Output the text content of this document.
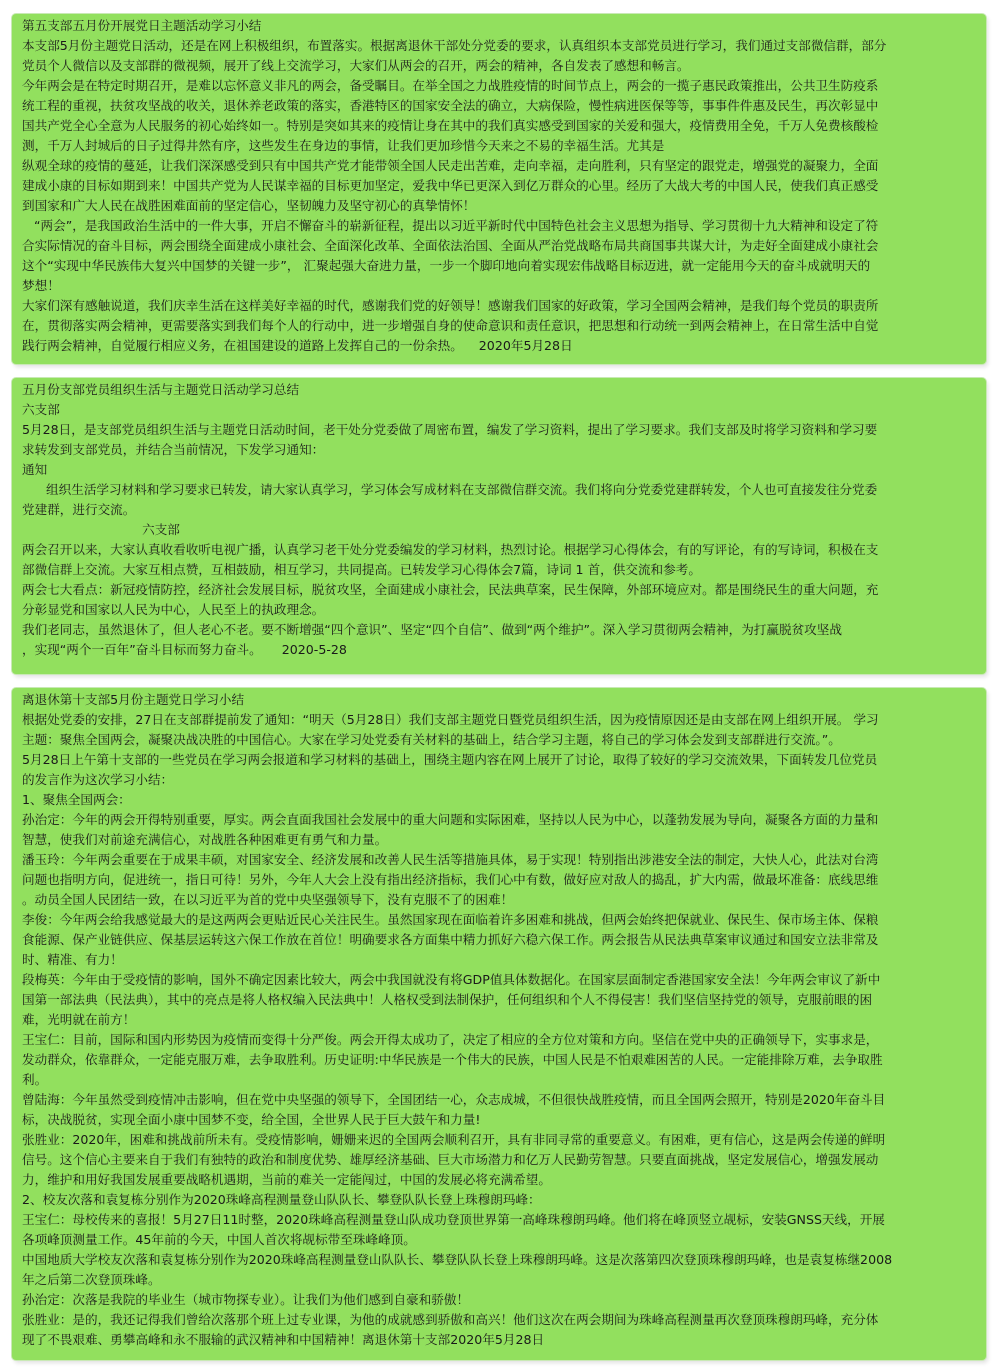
第五支部五月份开展党日主题活动学习小结
本支部5月份主题党日活动，还是在网上积极组织，布置落实。根据离退休干部处分党委的要求，认真组织本支部党员进行学习，我们通过支部微信群，部分
党员个人微信以及支部群的微视频，展开了线上交流学习，大家们从两会的召开，两会的精神，各自发表了感想和畅言。
今年两会是在特定时期召开，是难以忘怀意义非凡的两会，备受瞩目。在举全国之力战胜疫情的时间节点上，两会的一揽子惠民政策推出，公共卫生防疫系
统工程的重视，扶贫攻坚战的收关，退休养老政策的落实，香港特区的国家安全法的确立，大病保险，慢性病进医保等等，事事件件惠及民生，再次彰显中
国共产党全心全意为人民服务的初心始终如一。特别是突如其来的疫情让身在其中的我们真实感受到国家的关爱和强大，疫情费用全免，千万人免费核酸检
测，千万人封城后的日子过得井然有序，这些发生在身边的事情，让我们更加珍惜今天来之不易的幸福生活。尤其是
纵观全球的疫情的蔓延，让我们深深感受到只有中国共产党才能带领全国人民走出苦难，走向幸福，走向胜利，只有坚定的跟党走，增强党的凝聚力，全面
建成小康的目标如期到来！中国共产党为人民谋幸福的目标更加坚定，爱我中华已更深入到亿万群众的心里。经历了大战大考的中国人民，使我们真正感受
到国家和广大人民在战胜困难面前的坚定信心，坚韧魄力及坚守初心的真挚情怀！
“两会”，是我国政治生活中的一件大事，开启不懈奋斗的崭新征程，提出以习近平新时代中国特色社会主义思想为指导、学习贯彻十九大精神和设定了符
合实际情况的奋斗目标，两会围绕全面建成小康社会、全面深化改革、全面依法治国、全面从严治党战略布局共商国事共谋大计，为走好全面建成小康社会
这个“实现中华民族伟大复兴中国梦的关键一步”， 汇聚起强大奋进力量，一步一个脚印地向着实现宏伟战略目标迈进，就一定能用今天的奋斗成就明天的
梦想！
大家们深有感触说道，我们庆幸生活在这样美好幸福的时代，感谢我们党的好领导！感谢我们国家的好政策，学习全国两会精神，是我们每个党员的职责所
在，贯彻落实两会精神，更需要落实到我们每个人的行动中，进一步增强自身的使命意识和责任意识，把思想和行动统一到两会精神上，在日常生活中自觉
践行两会精神，自觉履行相应义务，在祖国建设的道路上发挥自己的一份余热。    2020年5月28日
五月份支部党员组织生活与主题党日活动学习总结
六支部
5月28日，是支部党员组织生活与主题党日活动时间，老干处分党委做了周密布置，编发了学习资料，提出了学习要求。我们支部及时将学习资料和学习要
求转发到支部党员，并结合当前情况，下发学习通知：
通知
组织生活学习材料和学习要求已转发，请大家认真学习，学习体会写成材料在支部微信群交流。我们将向分党委党建群转发，个人也可直接发往分党委
党建群，进行交流。
六支部
两会召开以来，大家认真收看收听电视广播，认真学习老干处分党委编发的学习材料，热烈讨论。根据学习心得体会，有的写评论，有的写诗词，积极在支
部微信群上交流。大家互相点赞，互相鼓励，相互学习，共同提高。已转发学习心得体会7篇，诗词 1 首，供交流和参考。
两会七大看点：新冠疫情防控，经济社会发展目标，脱贫攻坚，全面建成小康社会，民法典草案，民生保障，外部环境应对。都是围绕民生的重大问题，充
分彰显党和国家以人民为中心，人民至上的执政理念。
我们老同志，虽然退休了，但人老心不老。要不断增强“四个意识”、坚定“四个自信”、做到“两个维护”。深入学习贯彻两会精神，为打赢脱贫攻坚战
，实现“两个一百年”奋斗目标而努力奋斗。     2020-5-28
离退休第十支部5月份主题党日学习小结
根据处党委的安排，27日在支部群提前发了通知：“明天（5月28日）我们支部主题党日暨党员组织生活，因为疫情原因还是由支部在网上组织开展。 学习
主题：聚焦全国两会，凝聚决战决胜的中国信心。大家在学习处党委有关材料的基础上，结合学习主题，将自己的学习体会发到支部群进行交流。”。
5月28日上午第十支部的一些党员在学习两会报道和学习材料的基础上，围绕主题内容在网上展开了讨论，取得了较好的学习交流效果，下面转发几位党员
的发言作为这次学习小结：
1、聚焦全国两会：
孙治定：今年的两会开得特别重要，厚实。两会直面我国社会发展中的重大问题和实际困难，坚持以人民为中心，以蓬勃发展为导向，凝聚各方面的力量和
智慧，使我们对前途充满信心，对战胜各种困难更有勇气和力量。
潘玉玲：今年两会重要在于成果丰硕，对国家安全、经济发展和改善人民生活等措施具体，易于实现！特别指出涉港安全法的制定，大快人心，此法对台湾
问题也指明方向，促进统一，指日可待！另外，今年人大会上没有指出经济指标，我们心中有数，做好应对敌人的捣乱，扩大内需，做最坏准备：底线思维
。动员全国人民团结一致，在以习近平为首的党中央坚强领导下，没有克服不了的困难！
李俊：今年两会给我感觉最大的是这两两会更贴近民心关注民生。虽然国家现在面临着许多困难和挑战，但两会始终把保就业、保民生、保市场主体、保粮
食能源、保产业链供应、保基层运转这六保工作放在首位！明确要求各方面集中精力抓好六稳六保工作。两会报告从民法典草案审议通过和国安立法非常及
时、精准、有力！
段梅英：今年由于受疫情的影响，国外不确定因素比较大，两会中我国就没有将GDP值具体数据化。在国家层面制定香港国家安全法！今年两会审议了新中
国第一部法典（民法典），其中的亮点是将人格权编入民法典中！人格权受到法制保护，任何组织和个人不得侵害！我们坚信坚持党的领导，克服前眼的困
难，光明就在前方！
王宝仁：目前，国际和国内形势因为疫情而变得十分严俊。两会开得太成功了，决定了相应的全方位对策和方向。坚信在党中央的正确领导下，实事求是，
发动群众，依靠群众，一定能克服万难，去争取胜利。历史证明:中华民族是一个伟大的民族，中国人民是不怕艰难困苦的人民。一定能排除万难，去争取胜
利。
曾陆海：今年虽然受到疫情冲击影响，但在党中央坚强的领导下，全国团结一心，众志成城，不但很快战胜疫情，而且全国两会照开，特别是2020年奋斗目
标，决战脱贫，实现全面小康中国梦不变，给全国，全世界人民于巨大鼓午和力量!
张胜业：2020年，困难和挑战前所未有。受疫情影响，姗姗来迟的全国两会顺利召开，具有非同寻常的重要意义。有困难，更有信心，这是两会传递的鲜明
信号。这个信心主要来自于我们有独特的政治和制度优势、雄厚经济基础、巨大市场潜力和亿万人民勤劳智慧。只要直面挑战，坚定发展信心，增强发展动
力，维护和用好我国发展重要战略机遇期，当前的难关一定能闯过，中国的发展必将充满希望。
2、校友次落和袁复栋分别作为2020珠峰高程测量登山队队长、攀登队队长登上珠穆朗玛峰：
王宝仁：母校传来的喜报！5月27日11时整，2020珠峰高程测量登山队成功登顶世界第一高峰珠穆朗玛峰。他们将在峰顶竖立觇标，安装GNSS天线，开展
各项峰顶测量工作。45年前的今天，中国人首次将觇标带至珠峰峰顶。
中国地质大学校友次落和袁复栋分别作为2020珠峰高程测量登山队队长、攀登队队长登上珠穆朗玛峰。这是次落第四次登顶珠穆朗玛峰，也是袁复栋继2008
年之后第二次登顶珠峰。
孙治定：次落是我院的毕业生（城市物探专业）。让我们为他们感到自豪和骄傲！
张胜业：是的，我还记得我们曾给次落那个班上过专业课，为他的成就感到骄傲和高兴！他们这次在两会期间为珠峰高程测量再次登顶珠穆朗玛峰，充分体
现了不畏艰难、勇攀高峰和永不服输的武汉精神和中国精神！离退休第十支部2020年5月28日
